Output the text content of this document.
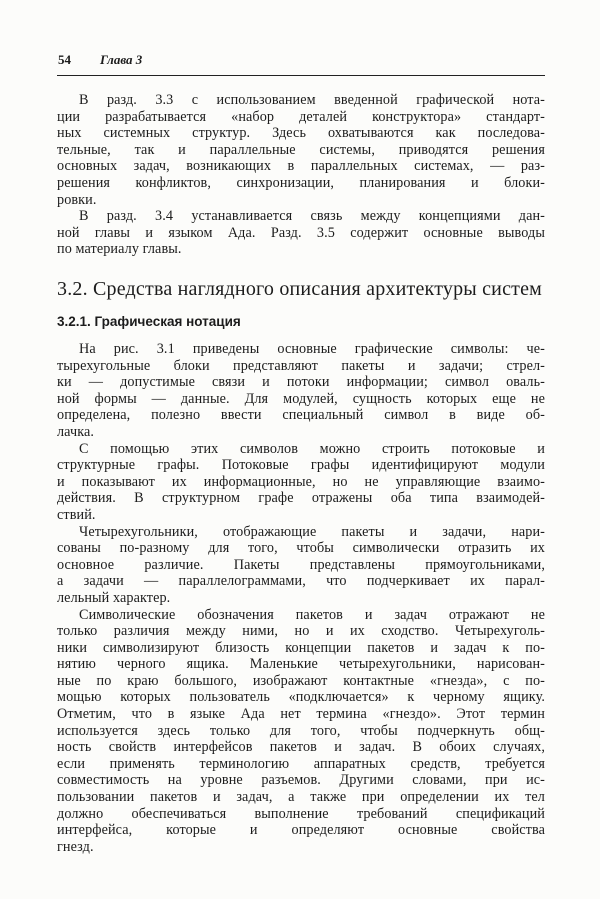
54 Глава 3
В разд. 3.3 с использованием введенной графической нота-
ции разрабатывается «набор деталей конструктора» стандарт-
ных системных структур. Здесь охватываются как последова-
тельные, так и параллельные системы, приводятся решения
основных задач, возникающих в параллельных системах, — раз-
решения конфликтов, синхронизации, планирования и блоки-
ровки.
В разд. 3.4 устанавливается связь между концепциями дан-
ной главы и языком Ада. Разд. 3.5 содержит основные выводы
по материалу главы.
3.2. Средства наглядного описания архитектуры систем
3.2.1. Графическая нотация
На рис. 3.1 приведены основные графические символы: че-
тырехугольные блоки представляют пакеты и задачи; стрел-
ки — допустимые связи и потоки информации; символ оваль-
ной формы — данные. Для модулей, сущность которых еще не
определена, полезно ввести специальный символ в виде об-
лачка.
С помощью этих символов можно строить потоковые и
структурные графы. Потоковые графы идентифицируют модули
и показывают их информационные, но не управляющие взаимо-
действия. В структурном графе отражены оба типа взаимодей-
ствий.
Четырехугольники, отображающие пакеты и задачи, нари-
сованы по-разному для того, чтобы символически отразить их
основное различие. Пакеты представлены прямоугольниками,
а задачи — параллелограммами, что подчеркивает их парал-
лельный характер.
Символические обозначения пакетов и задач отражают не
только различия между ними, но и их сходство. Четырехуголь-
ники символизируют близость концепции пакетов и задач к по-
нятию черного ящика. Маленькие четырехугольники, нарисован-
ные по краю большого, изображают контактные «гнезда», с по-
мощью которых пользователь «подключается» к черному ящику.
Отметим, что в языке Ада нет термина «гнездо». Этот термин
используется здесь только для того, чтобы подчеркнуть общ-
ность свойств интерфейсов пакетов и задач. В обоих случаях,
если применять терминологию аппаратных средств, требуется
совместимость на уровне разъемов. Другими словами, при ис-
пользовании пакетов и задач, а также при определении их тел
должно обеспечиваться выполнение требований спецификаций
интерфейса, которые и определяют основные свойства
гнезд.
